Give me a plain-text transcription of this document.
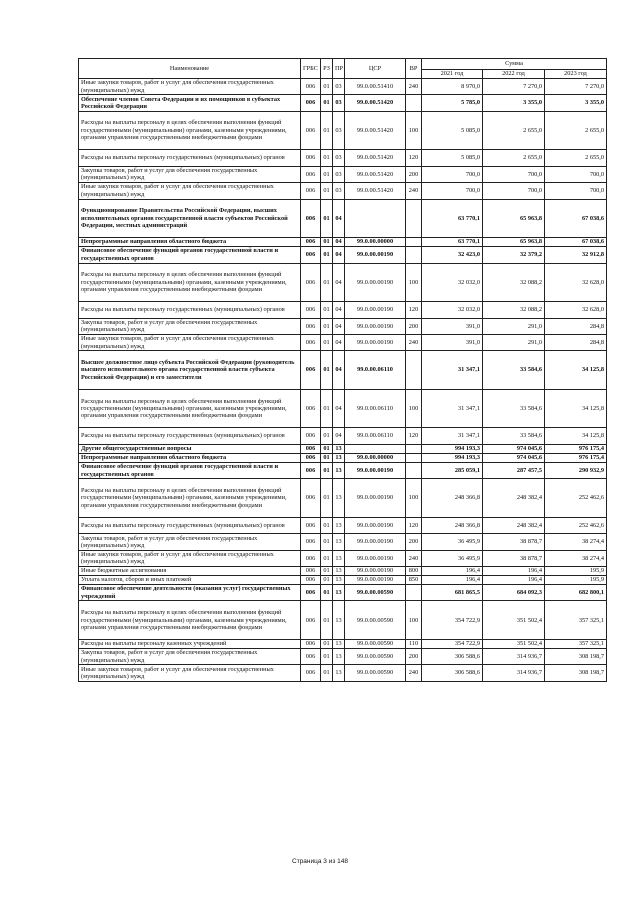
Наименование	ГРБС	РЗ	ПР	ЦСР	ВР	Сумма		
						2021 год	2022 год	2023 год
Иные закупки товаров, работ и услуг для обеспечения государственных (муниципальных) нужд	006	01	03	99.0.00.51410	240	8 970,0	7 270,0	7 270,0
Обеспечение членов Совета Федерации и их помощников в субъектах Российской Федерации	006	01	03	99.0.00.51420		5 785,0	3 355,0	3 355,0
Расходы на выплаты персоналу в целях обеспечения выполнения функций государственными (муниципальными) органами, казенными учреждениями, органами управления государственными внебюджетными фондами	006	01	03	99.0.00.51420	100	5 085,0	2 655,0	2 655,0
Расходы на выплаты персоналу государственных (муниципальных) органов	006	01	03	99.0.00.51420	120	5 085,0	2 655,0	2 655,0
Закупка товаров, работ и услуг для обеспечения государственных (муниципальных) нужд	006	01	03	99.0.00.51420	200	700,0	700,0	700,0
Иные закупки товаров, работ и услуг для обеспечения государственных (муниципальных) нужд	006	01	03	99.0.00.51420	240	700,0	700,0	700,0
Функционирование Правительства Российской Федерации, высших исполнительных органов государственной власти субъектов Российской Федерации, местных администраций	006	01	04			63 770,1	65 963,8	67 038,6
Непрограммные направления областного бюджета	006	01	04	99.0.00.00000		63 770,1	65 963,8	67 038,6
Финансовое обеспечение функций органов государственной власти и государственных органов	006	01	04	99.0.00.00190		32 423,0	32 379,2	32 912,8
Расходы на выплаты персоналу в целях обеспечения выполнения функций государственными (муниципальными) органами, казенными учреждениями, органами управления государственными внебюджетными фондами	006	01	04	99.0.00.00190	100	32 032,0	32 088,2	32 628,0
Расходы на выплаты персоналу государственных (муниципальных) органов	006	01	04	99.0.00.00190	120	32 032,0	32 088,2	32 628,0
Закупка товаров, работ и услуг для обеспечения государственных (муниципальных) нужд	006	01	04	99.0.00.00190	200	391,0	291,0	284,8
Иные закупки товаров, работ и услуг для обеспечения государственных (муниципальных) нужд	006	01	04	99.0.00.00190	240	391,0	291,0	284,8
Высшее должностное лицо субъекта Российской Федерации (руководитель высшего исполнительного органа государственной власти субъекта Российской Федерации) и его заместители	006	01	04	99.0.00.06110		31 347,1	33 584,6	34 125,8
Расходы на выплаты персоналу в целях обеспечения выполнения функций государственными (муниципальными) органами, казенными учреждениями, органами управления государственными внебюджетными фондами	006	01	04	99.0.00.06110	100	31 347,1	33 584,6	34 125,8
Расходы на выплаты персоналу государственных (муниципальных) органов	006	01	04	99.0.00.06110	120	31 347,1	33 584,6	34 125,8
Другие общегосударственные вопросы	006	01	13			994 193,3	974 045,6	976 175,4
Непрограммные направления областного бюджета	006	01	13	99.0.00.00000		994 193,3	974 045,6	976 175,4
Финансовое обеспечение функций органов государственной власти и государственных органов	006	01	13	99.0.00.00190		285 059,1	287 457,5	290 932,9
Расходы на выплаты персоналу в целях обеспечения выполнения функций государственными (муниципальными) органами, казенными учреждениями, органами управления государственными внебюджетными фондами	006	01	13	99.0.00.00190	100	248 366,8	248 382,4	252 462,6
Расходы на выплаты персоналу государственных (муниципальных) органов	006	01	13	99.0.00.00190	120	248 366,8	248 382,4	252 462,6
Закупка товаров, работ и услуг для обеспечения государственных (муниципальных) нужд	006	01	13	99.0.00.00190	200	36 495,9	38 878,7	38 274,4
Иные закупки товаров, работ и услуг для обеспечения государственных (муниципальных) нужд	006	01	13	99.0.00.00190	240	36 495,9	38 878,7	38 274,4
Иные бюджетные ассигнования	006	01	13	99.0.00.00190	800	196,4	196,4	195,9
Уплата налогов, сборов и иных платежей	006	01	13	99.0.00.00190	850	196,4	196,4	195,9
Финансовое обеспечение деятельности (оказания услуг) государственных учреждений	006	01	13	99.0.00.00590		681 865,5	684 092,3	682 800,1
Расходы на выплаты персоналу в целях обеспечения выполнения функций государственными (муниципальными) органами, казенными учреждениями, органами управления государственными внебюджетными фондами	006	01	13	99.0.00.00590	100	354 722,9	351 502,4	357 325,1
Расходы на выплаты персоналу казенных учреждений	006	01	13	99.0.00.00590	110	354 722,9	351 502,4	357 325,1
Закупка товаров, работ и услуг для обеспечения государственных (муниципальных) нужд	006	01	13	99.0.00.00590	200	306 588,6	314 936,7	308 198,7
Иные закупки товаров, работ и услуг для обеспечения государственных (муниципальных) нужд	006	01	13	99.0.00.00590	240	306 588,6	314 936,7	308 198,7
Страница 3 из 148
